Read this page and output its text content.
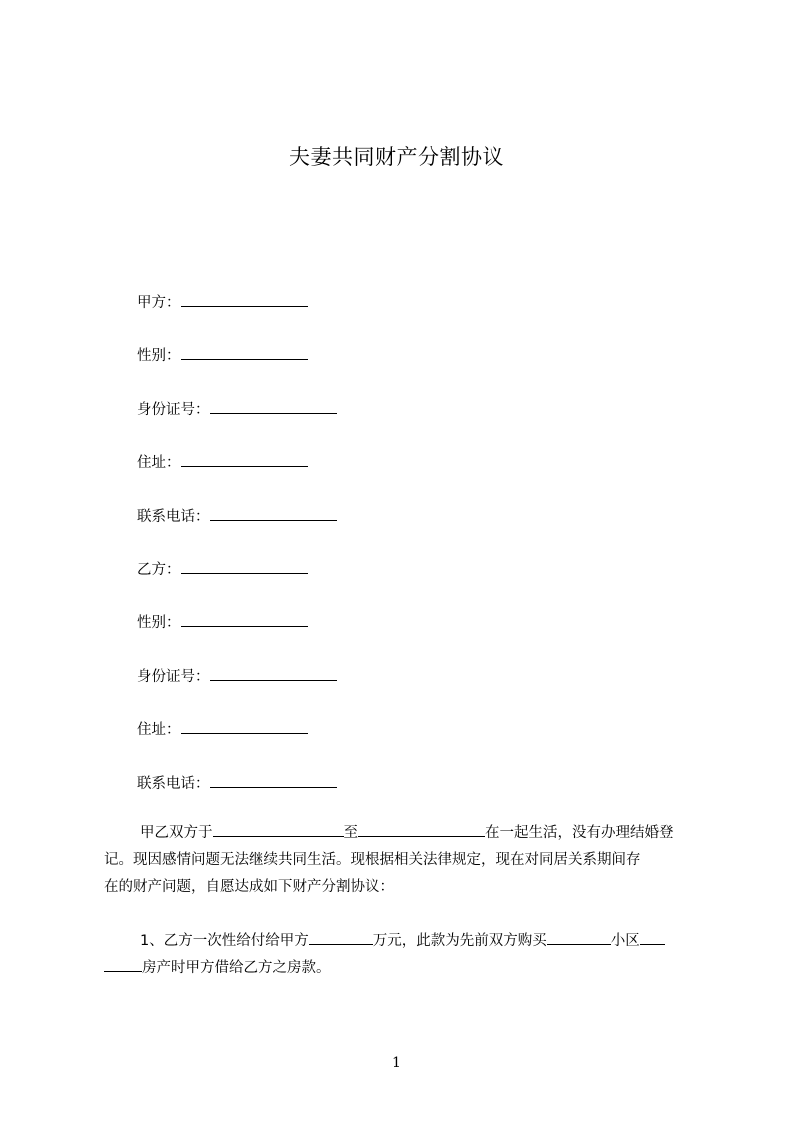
夫妻共同财产分割协议
甲方：
性别：
身份证号：
住址：
联系电话：
乙方：
性别：
身份证号：
住址：
联系电话：
甲乙双方于	至	在一起生活，没有办理结婚登
记。现因感情问题无法继续共同生活。现根据相关法律规定，现在对同居关系期间存
在的财产问题，自愿达成如下财产分割协议：
1、乙方一次性给付给甲方	万元，此款为先前双方购买	小区
房产时甲方借给乙方之房款。
1
